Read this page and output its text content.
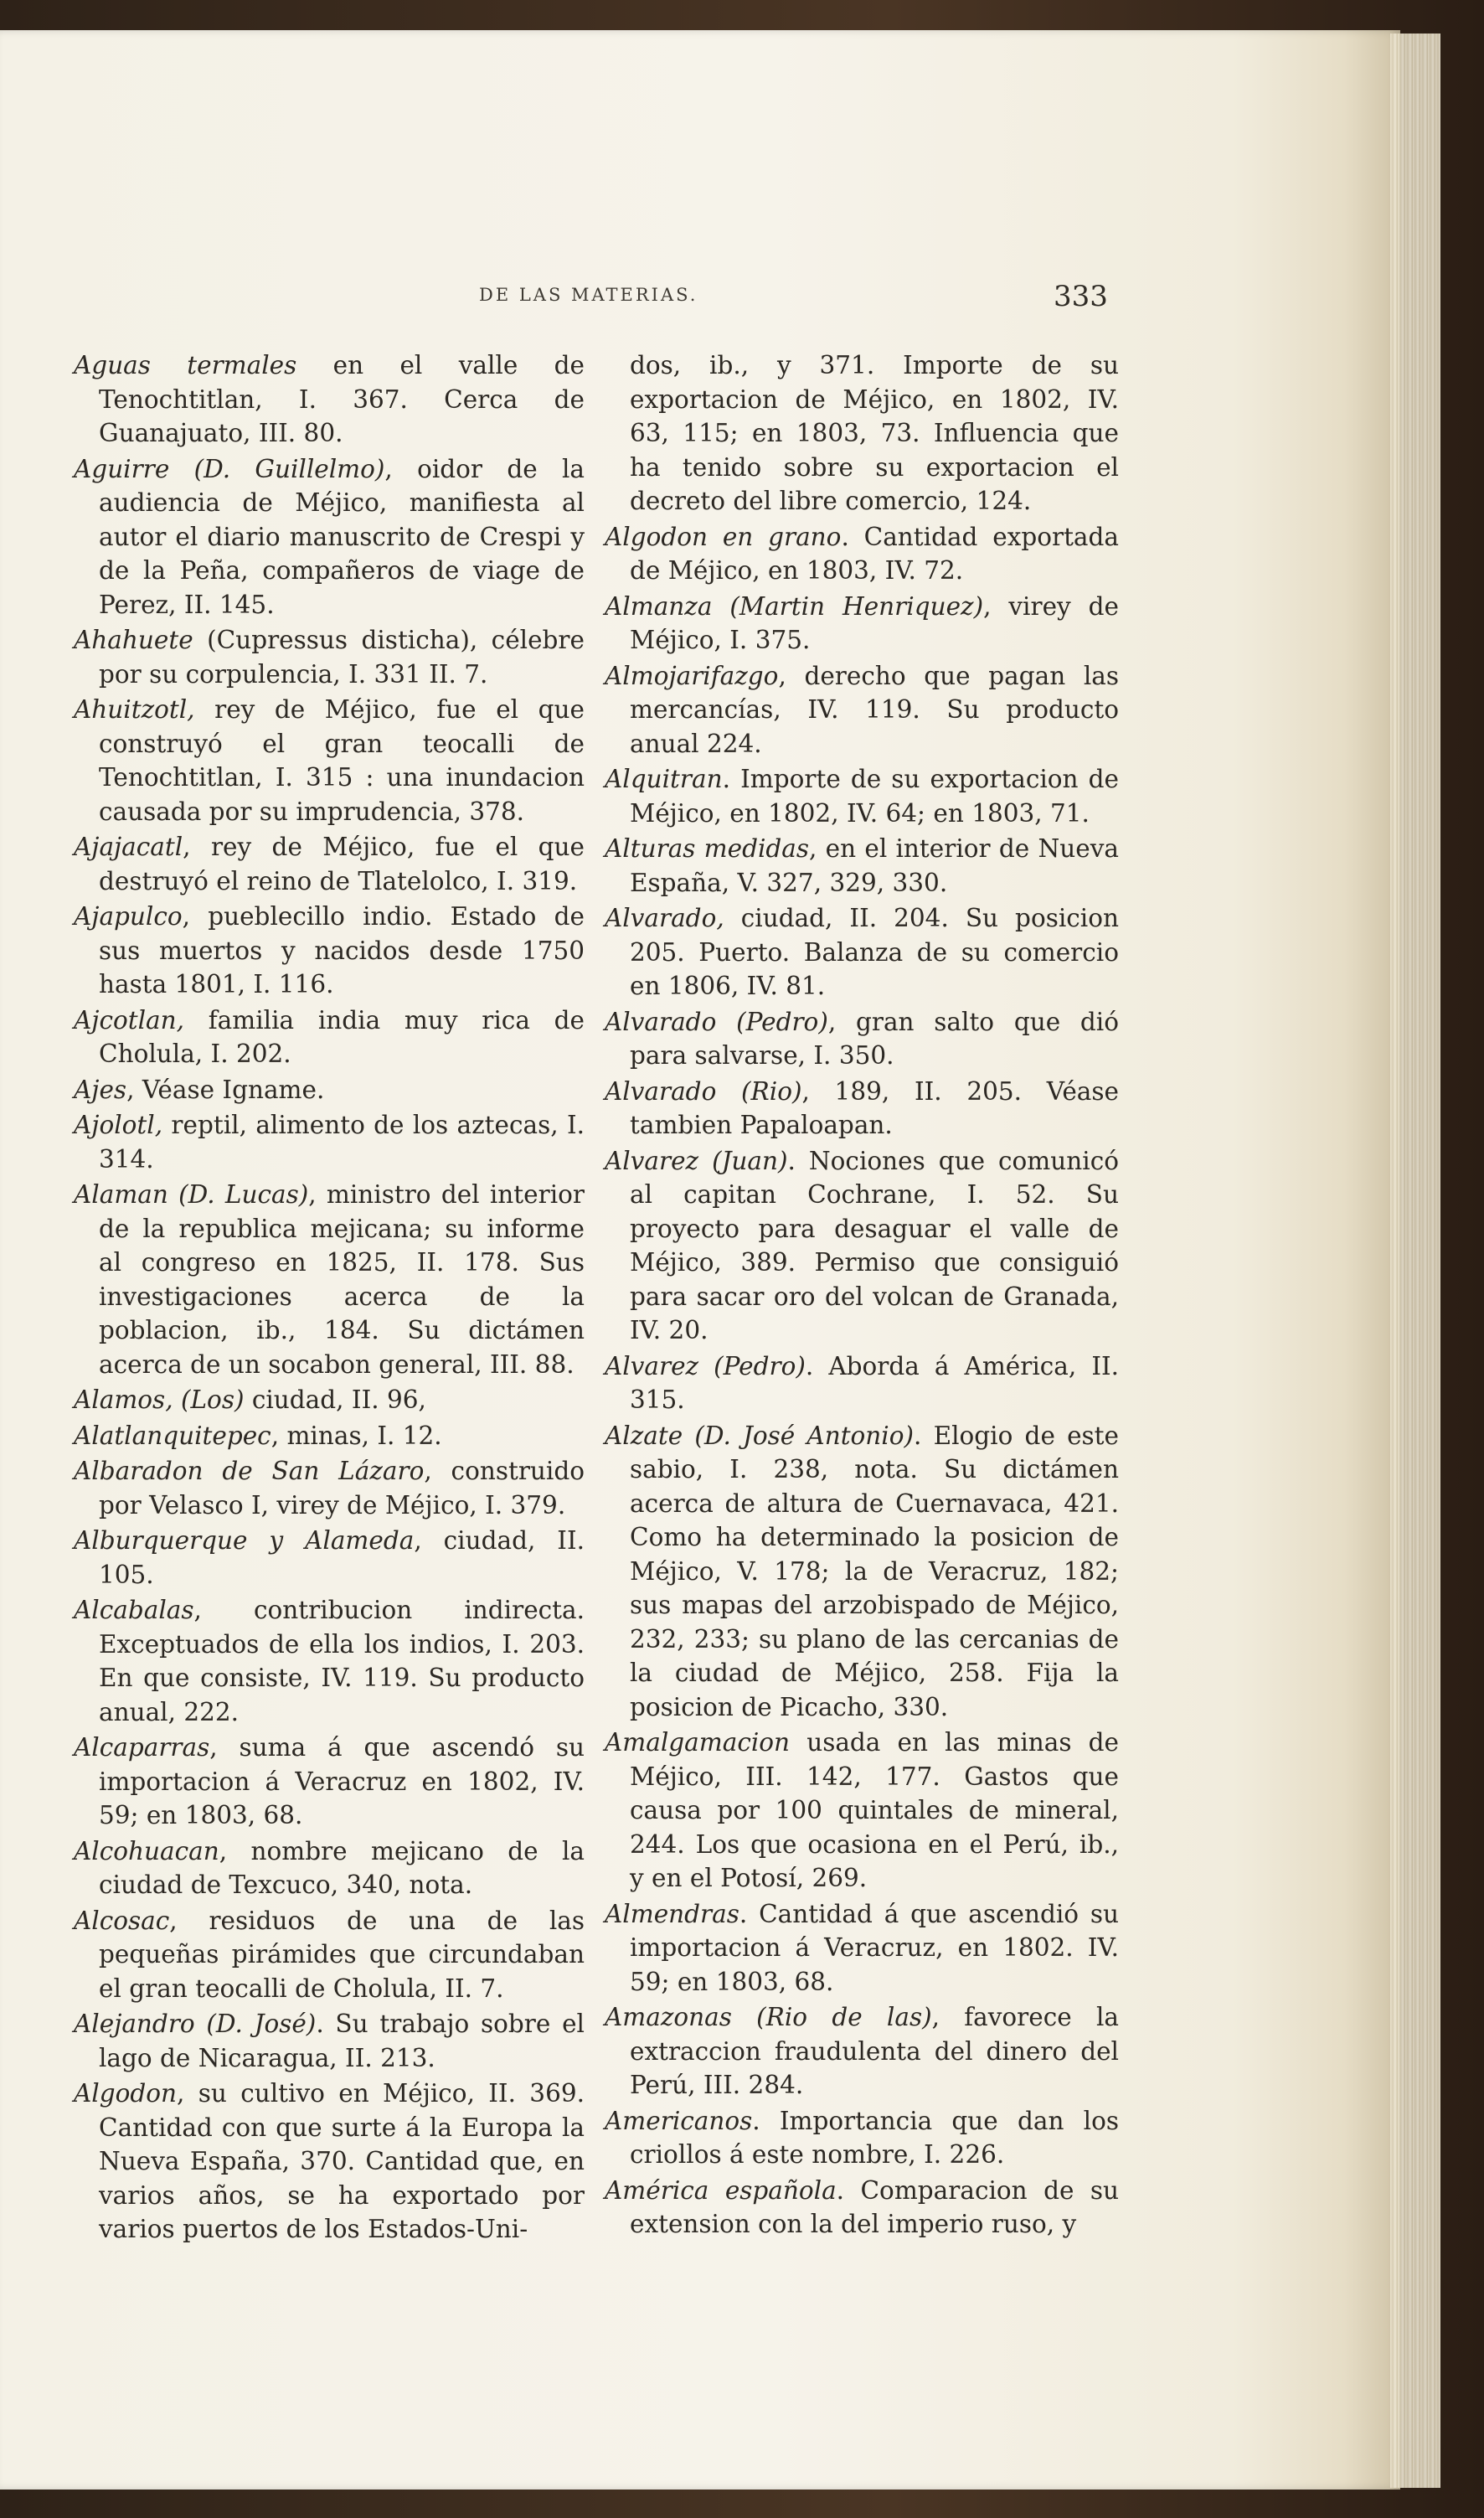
DE LAS MATERIAS.	333

Aguas termales en el valle de Tenochtitlan, I. 367. Cerca de Guanajuato, III. 80.

Aguirre (D. Guillelmo), oidor de la audiencia de Méjico, manifiesta al autor el diario manuscrito de Crespi y de la Peña, compañeros de viage de Perez, II. 145.

Ahahuete (Cupressus disticha), célebre por su corpulencia, I. 331 II. 7.

Ahuitzotl, rey de Méjico, fue el que construyó el gran teocalli de Tenochtitlan, I. 315 : una inundacion causada por su imprudencia, 378.

Ajajacatl, rey de Méjico, fue el que destruyó el reino de Tlatelolco, I. 319.

Ajapulco, pueblecillo indio. Estado de sus muertos y nacidos desde 1750 hasta 1801, I. 116.

Ajcotlan, familia india muy rica de Cholula, I. 202.

Ajes, Véase Igname.

Ajolotl, reptil, alimento de los aztecas, I. 314.

Alaman (D. Lucas), ministro del interior de la republica mejicana; su informe al congreso en 1825, II. 178. Sus investigaciones acerca de la poblacion, ib., 184. Su dictámen acerca de un socabon general, III. 88.

Alamos, (Los) ciudad, II. 96,

Alatlanquitepec, minas, I. 12.

Albaradon de San Lázaro, construido por Velasco I, virey de Méjico, I. 379.

Alburquerque y Alameda, ciudad, II. 105.

Alcabalas, contribucion indirecta. Exceptuados de ella los indios, I. 203. En que consiste, IV. 119. Su producto anual, 222.

Alcaparras, suma á que ascendó su importacion á Veracruz en 1802, IV. 59; en 1803, 68.

Alcohuacan, nombre mejicano de la ciudad de Texcuco, 340, nota.

Alcosac, residuos de una de las pequeñas pirámides que circundaban el gran teocalli de Cholula, II. 7.

Alejandro (D. José). Su trabajo sobre el lago de Nicaragua, II. 213.

Algodon, su cultivo en Méjico, II. 369. Cantidad con que surte á la Europa la Nueva España, 370. Cantidad que, en varios años, se ha exportado por varios puertos de los Estados-Uni-

dos, ib., y 371. Importe de su exportacion de Méjico, en 1802, IV. 63, 115; en 1803, 73. Influencia que ha tenido sobre su exportacion el decreto del libre comercio, 124.

Algodon en grano. Cantidad exportada de Méjico, en 1803, IV. 72.

Almanza (Martin Henriquez), virey de Méjico, I. 375.

Almojarifazgo, derecho que pagan las mercancías, IV. 119. Su producto anual 224.

Alquitran. Importe de su exportacion de Méjico, en 1802, IV. 64; en 1803, 71.

Alturas medidas, en el interior de Nueva España, V. 327, 329, 330.

Alvarado, ciudad, II. 204. Su posicion 205. Puerto. Balanza de su comercio en 1806, IV. 81.

Alvarado (Pedro), gran salto que dió para salvarse, I. 350.

Alvarado (Rio), 189, II. 205. Véase tambien Papaloapan.

Alvarez (Juan). Nociones que comunicó al capitan Cochrane, I. 52. Su proyecto para desaguar el valle de Méjico, 389. Permiso que consiguió para sacar oro del volcan de Granada, IV. 20.

Alvarez (Pedro). Aborda á América, II. 315.

Alzate (D. José Antonio). Elogio de este sabio, I. 238, nota. Su dictámen acerca de altura de Cuernavaca, 421. Como ha determinado la posicion de Méjico, V. 178; la de Veracruz, 182; sus mapas del arzobispado de Méjico, 232, 233; su plano de las cercanias de la ciudad de Méjico, 258. Fija la posicion de Picacho, 330.

Amalgamacion usada en las minas de Méjico, III. 142, 177. Gastos que causa por 100 quintales de mineral, 244. Los que ocasiona en el Perú, ib., y en el Potosí, 269.

Almendras. Cantidad á que ascendió su importacion á Veracruz, en 1802. IV. 59; en 1803, 68.

Amazonas (Rio de las), favorece la extraccion fraudulenta del dinero del Perú, III. 284.

Americanos. Importancia que dan los criollos á este nombre, I. 226.

América española. Comparacion de su extension con la del imperio ruso, y
